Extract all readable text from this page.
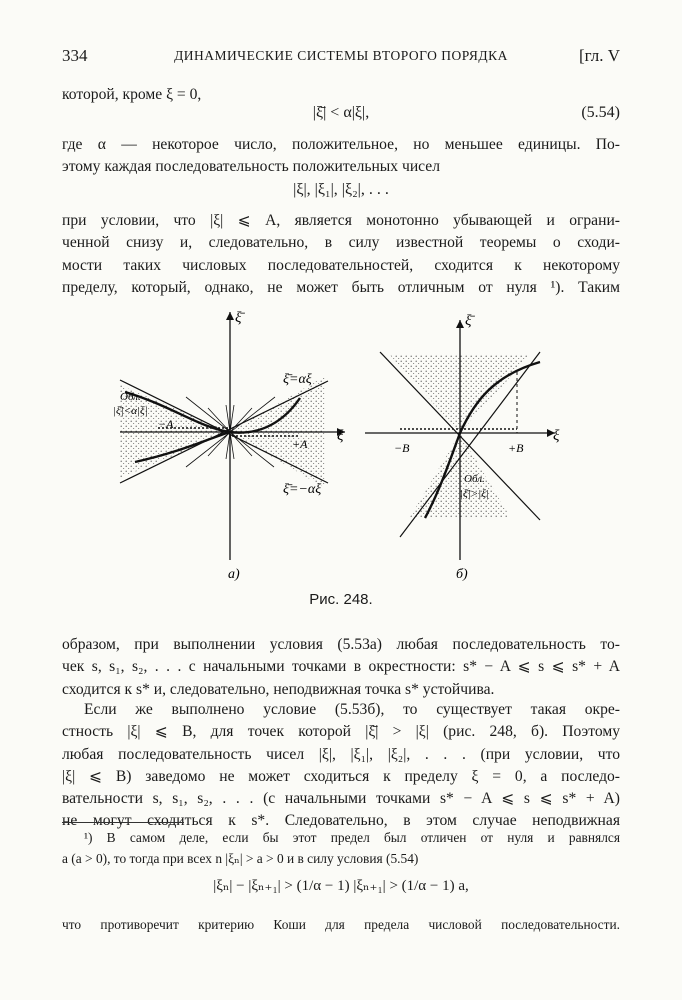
334	ДИНАМИЧЕСКИЕ СИСТЕМЫ ВТОРОГО ПОРЯДКА	[гл. V
которой, кроме ξ = 0,
|ξ̄| < α|ξ|,	(5.54)
где α — некоторое число, положительное, но меньшее единицы. По-
этому каждая последовательность положительных чисел
|ξ|, |ξ₁|, |ξ₂|, . . .
при условии, что |ξ| ⩽ A, является монотонно убывающей и ограни-
ченной снизу и, следовательно, в силу известной теоремы о сходи-
мости таких числовых последовательностей, сходится к некоторому
пределу, который, однако, не может быть отличным от нуля ¹). Таким
ξ̄
ξ
ξ̄=αξ
ξ̄=−αξ
Обл.
|ξ̄|<α|ξ|
−A
+A
а)
ξ̄
ξ
−B	+B
Обл.
|ξ̄|>|ξ|
б)
Рис. 248.
образом, при выполнении условия (5.53а) любая последовательность то-
чек s, s₁, s₂, . . . с начальными точками в окрестности: s* − A ⩽ s ⩽ s* + A
сходится к s* и, следовательно, неподвижная точка s* устойчива.
Если же выполнено условие (5.53б), то существует такая окре-
стность |ξ| ⩽ B, для точек которой |ξ̄| > |ξ| (рис. 248, б). Поэтому
любая последовательность чисел |ξ|, |ξ₁|, |ξ₂|, . . . (при условии, что
|ξ| ⩽ B) заведомо не может сходиться к пределу ξ = 0, а последо-
вательности s, s₁, s₂, . . . (с начальными точками s* − A ⩽ s ⩽ s* + A)
не могут сходиться к s*. Следовательно, в этом случае неподвижная
¹) В самом деле, если бы этот предел был отличен от нуля и равнялся
a (a > 0), то тогда при всех n |ξₙ| > a > 0 и в силу условия (5.54)
|ξₙ| − |ξₙ₊₁| > (1/α − 1) |ξₙ₊₁| > (1/α − 1) a,
что противоречит критерию Коши для предела числовой последовательности.
